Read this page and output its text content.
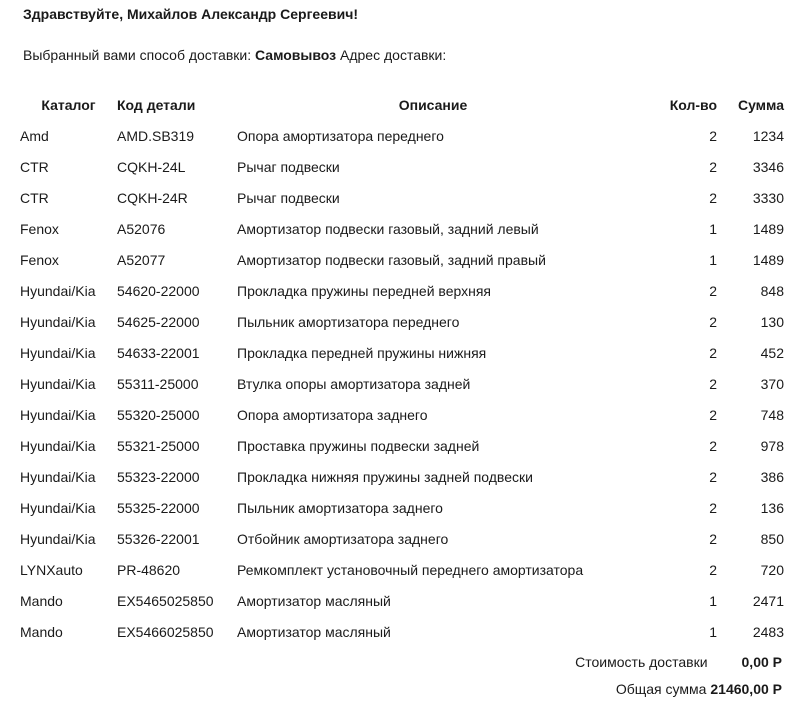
Здравствуйте, Михайлов Александр Сергеевич!
Выбранный вами способ доставки: Самовывоз Адрес доставки:
Каталог	Код детали	Описание	Кол-во	Сумма
Amd	AMD.SB319	Опора амортизатора переднего	2	1234
CTR	CQKH-24L	Рычаг подвески	2	3346
CTR	CQKH-24R	Рычаг подвески	2	3330
Fenox	A52076	Амортизатор подвески газовый, задний левый	1	1489
Fenox	A52077	Амортизатор подвески газовый, задний правый	1	1489
Hyundai/Kia	54620-22000	Прокладка пружины передней верхняя	2	848
Hyundai/Kia	54625-22000	Пыльник амортизатора переднего	2	130
Hyundai/Kia	54633-22001	Прокладка передней пружины нижняя	2	452
Hyundai/Kia	55311-25000	Втулка опоры амортизатора задней	2	370
Hyundai/Kia	55320-25000	Опора амортизатора заднего	2	748
Hyundai/Kia	55321-25000	Проставка пружины подвески задней	2	978
Hyundai/Kia	55323-22000	Прокладка нижняя пружины задней подвески	2	386
Hyundai/Kia	55325-22000	Пыльник амортизатора заднего	2	136
Hyundai/Kia	55326-22001	Отбойник амортизатора заднего	2	850
LYNXauto	PR-48620	Ремкомплект установочный переднего амортизатора	2	720
Mando	EX5465025850	Амортизатор масляный	1	2471
Mando	EX5466025850	Амортизатор масляный	1	2483
Стоимость доставки 0,00 Р
Общая сумма 21460,00 Р
